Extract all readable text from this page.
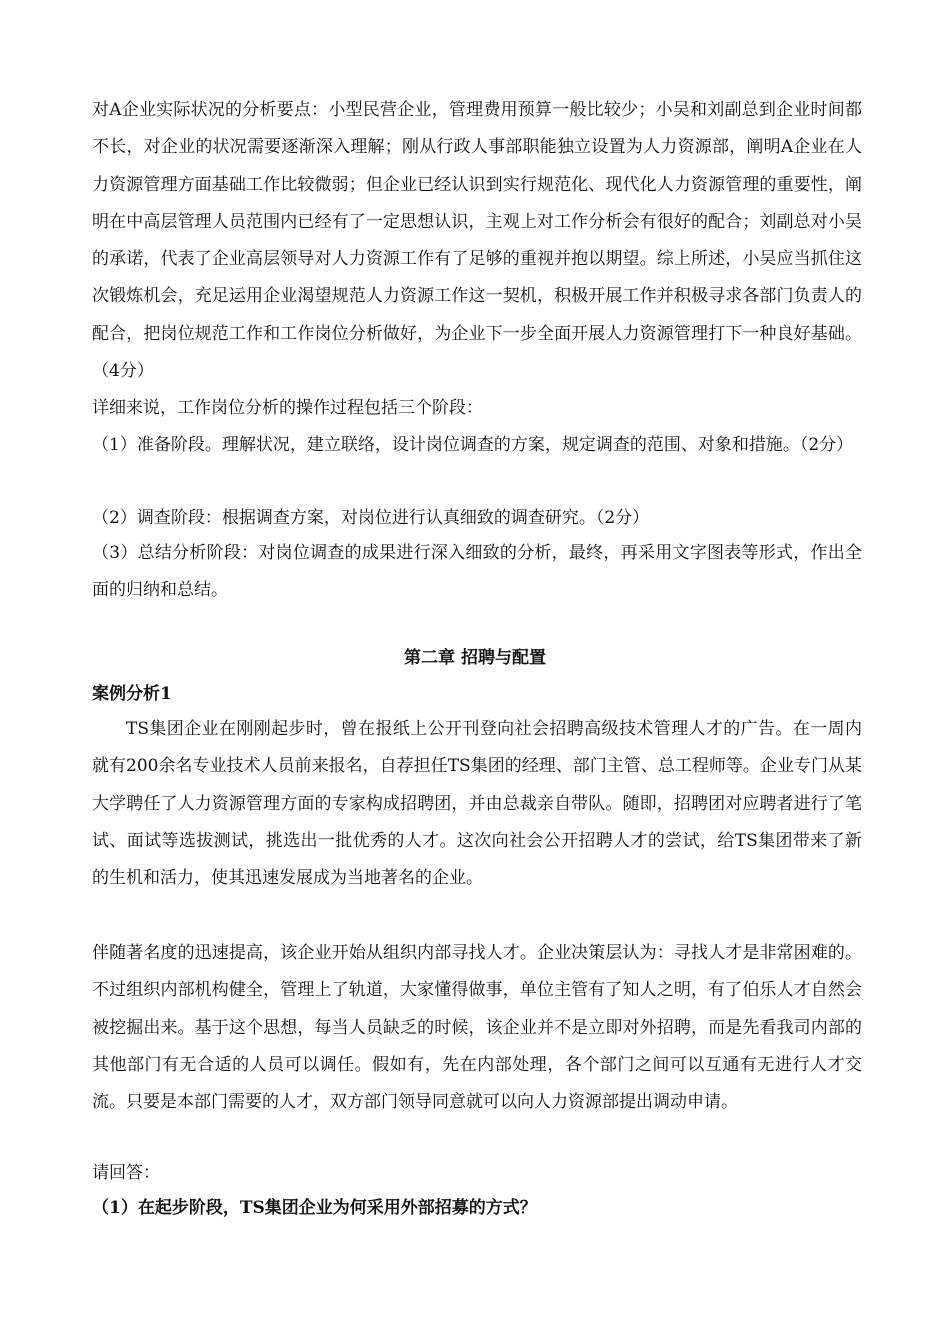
对A企业实际状况的分析要点：小型民营企业，管理费用预算一般比较少；小吴和刘副总到企业时间都不长，对企业的状况需要逐渐深入理解；刚从行政人事部职能独立设置为人力资源部，阐明A企业在人力资源管理方面基础工作比较微弱；但企业已经认识到实行规范化、现代化人力资源管理的重要性，阐明在中高层管理人员范围内已经有了一定思想认识，主观上对工作分析会有很好的配合；刘副总对小吴的承诺，代表了企业高层领导对人力资源工作有了足够的重视并抱以期望。综上所述，小吴应当抓住这次锻炼机会，充足运用企业渴望规范人力资源工作这一契机，积极开展工作并积极寻求各部门负责人的配合，把岗位规范工作和工作岗位分析做好，为企业下一步全面开展人力资源管理打下一种良好基础。（4分）

详细来说，工作岗位分析的操作过程包括三个阶段：

（1）准备阶段。理解状况，建立联络，设计岗位调查的方案，规定调查的范围、对象和措施。（2分）

（2）调查阶段：根据调查方案，对岗位进行认真细致的调查研究。（2分）

（3）总结分析阶段：对岗位调查的成果进行深入细致的分析，最终，再采用文字图表等形式，作出全面的归纳和总结。

第二章 招聘与配置

案例分析1

TS集团企业在刚刚起步时，曾在报纸上公开刊登向社会招聘高级技术管理人才的广告。在一周内就有200余名专业技术人员前来报名，自荐担任TS集团的经理、部门主管、总工程师等。企业专门从某大学聘任了人力资源管理方面的专家构成招聘团，并由总裁亲自带队。随即，招聘团对应聘者进行了笔试、面试等选拔测试，挑选出一批优秀的人才。这次向社会公开招聘人才的尝试，给TS集团带来了新的生机和活力，使其迅速发展成为当地著名的企业。

伴随著名度的迅速提高，该企业开始从组织内部寻找人才。企业决策层认为：寻找人才是非常困难的。不过组织内部机构健全，管理上了轨道，大家懂得做事，单位主管有了知人之明，有了伯乐人才自然会被挖掘出来。基于这个思想，每当人员缺乏的时候，该企业并不是立即对外招聘，而是先看我司内部的其他部门有无合适的人员可以调任。假如有，先在内部处理，各个部门之间可以互通有无进行人才交流。只要是本部门需要的人才，双方部门领导同意就可以向人力资源部提出调动申请。

请回答：

（1）在起步阶段，TS集团企业为何采用外部招募的方式？
